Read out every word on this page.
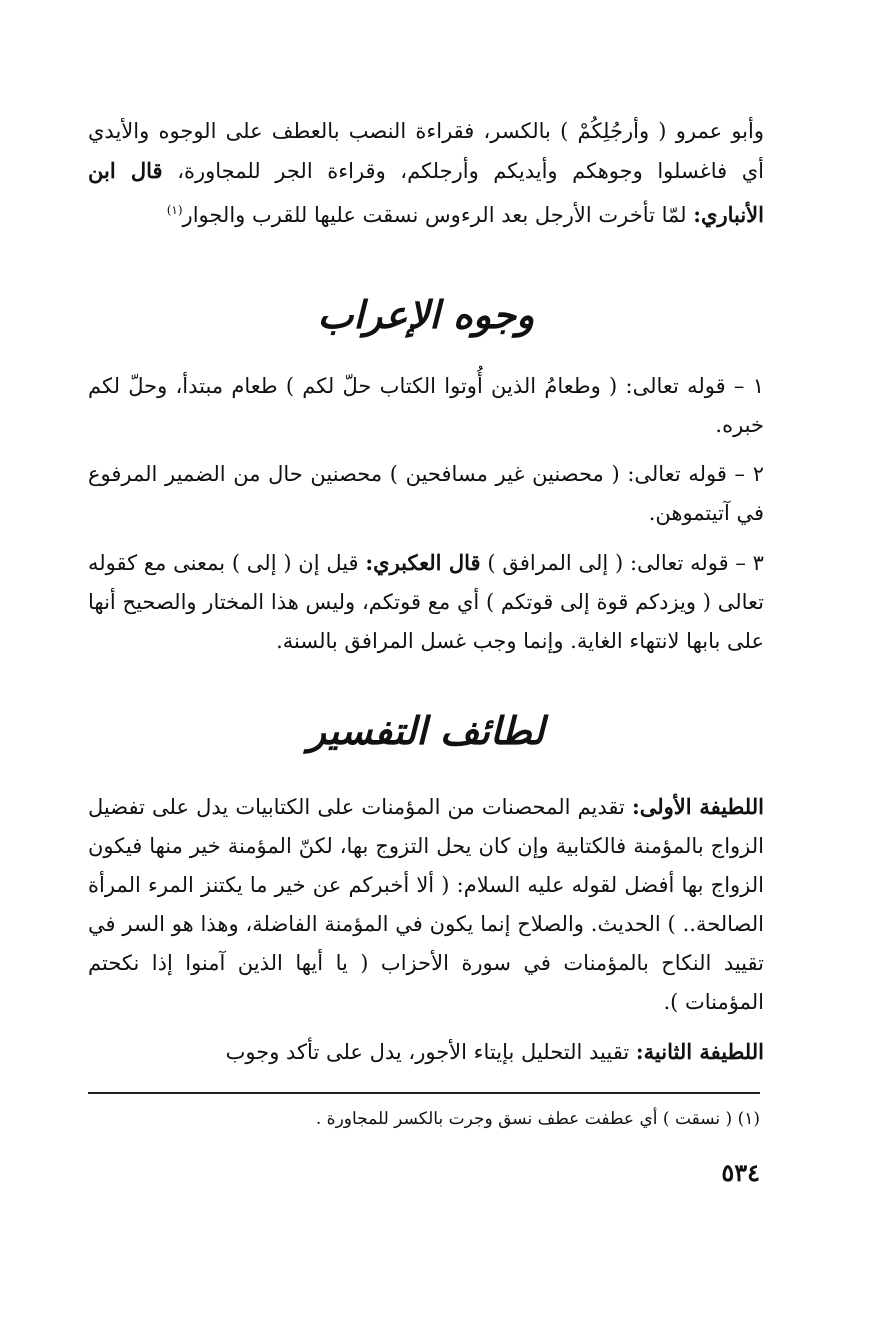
وأبو عمرو ( وأرجُلِكُمْ ) بالكسر، فقراءة النصب بالعطف على الوجوه والأيدي أي فاغسلوا وجوهكم وأيديكم وأرجلكم، وقراءة الجر للمجاورة، قال ابن الأنباري: لمّا تأخرت الأرجل بعد الرءوس نسقت عليها للقرب والجوار$^{(١)}$

وجوه الإعراب

١ – قوله تعالى: ( وطعامُ الذين أُوتوا الكتاب حلّ لكم ) طعام مبتدأ، وحلّ لكم خبره.

٢ – قوله تعالى: ( محصنين غير مسافحين ) محصنين حال من الضمير المرفوع في آتيتموهن.

٣ – قوله تعالى: ( إلى المرافق ) قال العكبري: قيل إن ( إلى ) بمعنى مع كقوله تعالى ( ويزدكم قوة إلى قوتكم ) أي مع قوتكم، وليس هذا المختار والصحيح أنها على بابها لانتهاء الغاية. وإنما وجب غسل المرافق بالسنة.

لطائف التفسير

اللطيفة الأولى: تقديم المحصنات من المؤمنات على الكتابيات يدل على تفضيل الزواج بالمؤمنة فالكتابية وإن كان يحل التزوج بها، لكنّ المؤمنة خير منها فيكون الزواج بها أفضل لقوله عليه السلام: ( ألا أخبركم عن خير ما يكتنز المرء المرأة الصالحة.. ) الحديث. والصلاح إنما يكون في المؤمنة الفاضلة، وهذا هو السر في تقييد النكاح بالمؤمنات في سورة الأحزاب ( يا أيها الذين آمنوا إذا نكحتم المؤمنات ).

اللطيفة الثانية: تقييد التحليل بإيتاء الأجور، يدل على تأكد وجوب

(١) ( نسقت ) أي عطفت عطف نسق وجرت بالكسر للمجاورة .
٥٣٤
